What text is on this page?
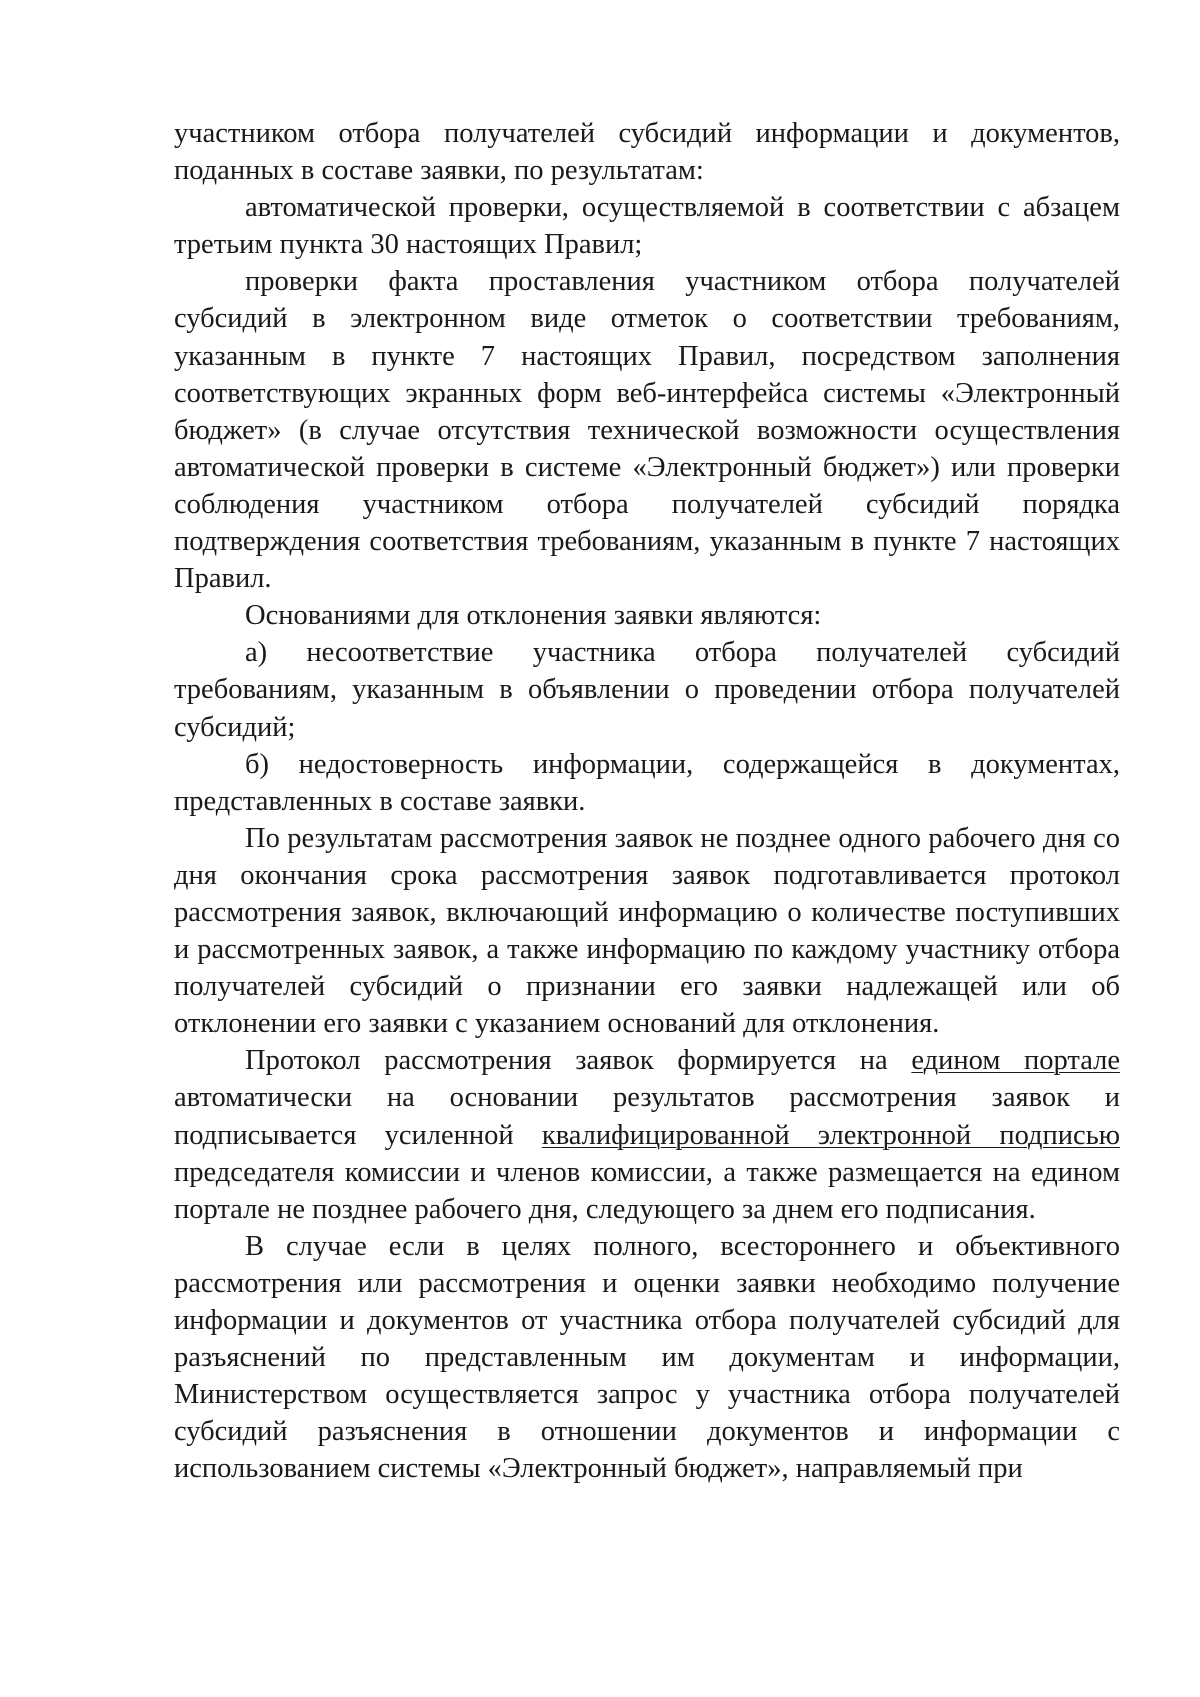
участником отбора получателей субсидий информации и документов, поданных в составе заявки, по результатам:

автоматической проверки, осуществляемой в соответствии с абзацем третьим пункта 30 настоящих Правил;

проверки факта проставления участником отбора получателей субсидий в электронном виде отметок о соответствии требованиям, указанным в пункте 7 настоящих Правил, посредством заполнения соответствующих экранных форм веб-интерфейса системы «Электронный бюджет» (в случае отсутствия технической возможности осуществления автоматической проверки в системе «Электронный бюджет») или проверки соблюдения участником отбора получателей субсидий порядка подтверждения соответствия требованиям, указанным в пункте 7 настоящих Правил.

Основаниями для отклонения заявки являются:

а) несоответствие участника отбора получателей субсидий требованиям, указанным в объявлении о проведении отбора получателей субсидий;

б) недостоверность информации, содержащейся в документах, представленных в составе заявки.

По результатам рассмотрения заявок не позднее одного рабочего дня со дня окончания срока рассмотрения заявок подготавливается протокол рассмотрения заявок, включающий информацию о количестве поступивших и рассмотренных заявок, а также информацию по каждому участнику отбора получателей субсидий о признании его заявки надлежащей или об отклонении его заявки с указанием оснований для отклонения.

Протокол рассмотрения заявок формируется на едином портале автоматически на основании результатов рассмотрения заявок и подписывается усиленной квалифицированной электронной подписью председателя комиссии и членов комиссии, а также размещается на едином портале не позднее рабочего дня, следующего за днем его подписания.

В случае если в целях полного, всестороннего и объективного рассмотрения или рассмотрения и оценки заявки необходимо получение информации и документов от участника отбора получателей субсидий для разъяснений по представленным им документам и информации, Министерством осуществляется запрос у участника отбора получателей субсидий разъяснения в отношении документов и информации с использованием системы «Электронный бюджет», направляемый при
